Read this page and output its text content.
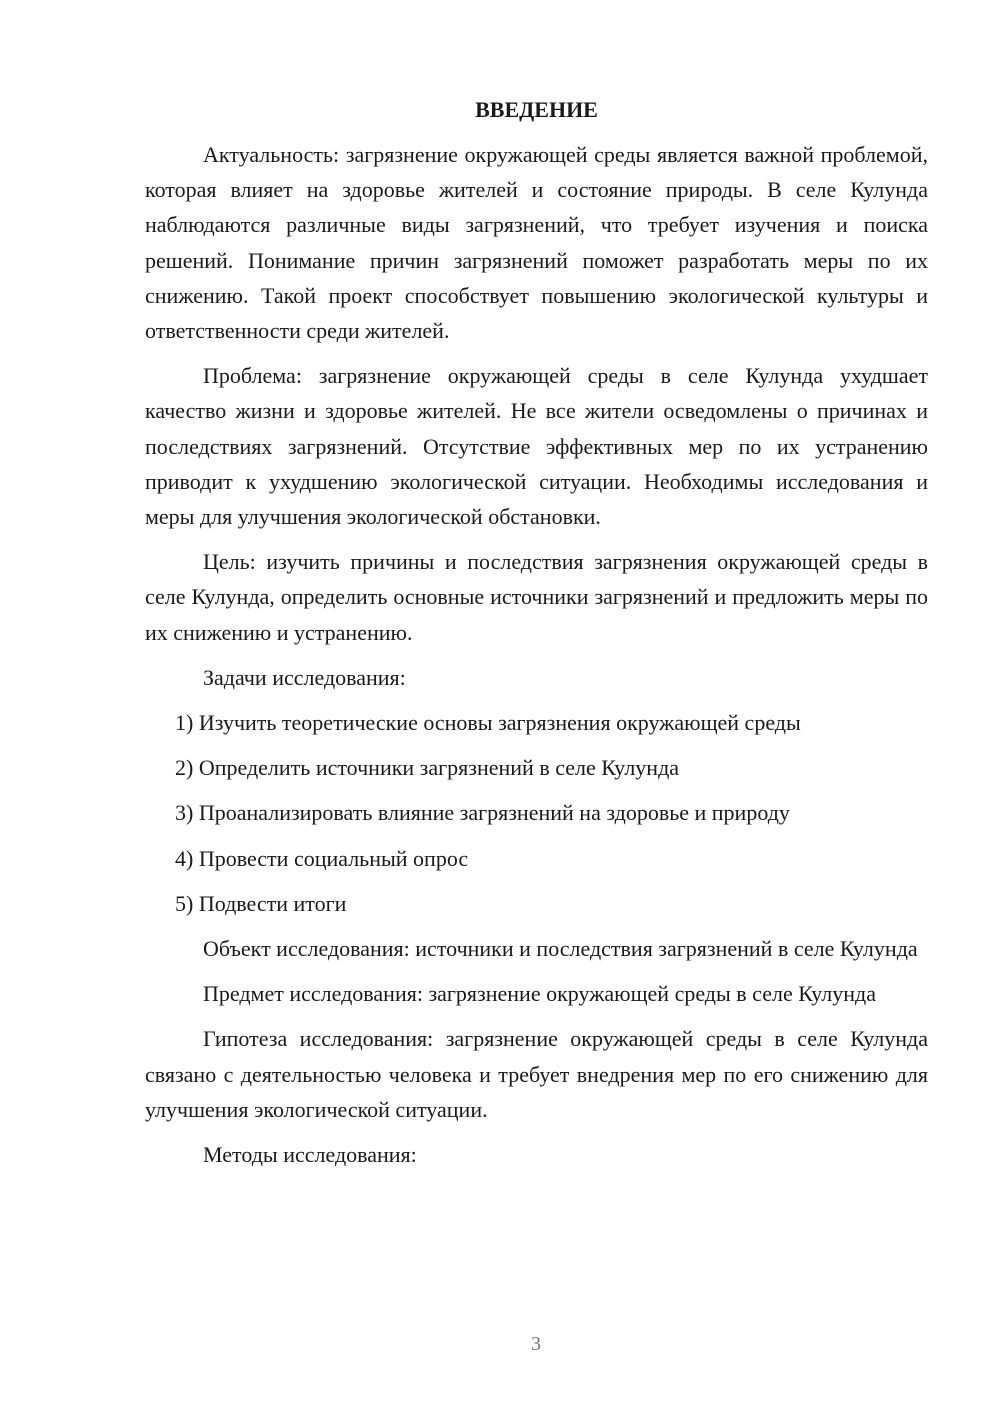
ВВЕДЕНИЕ

Актуальность: загрязнение окружающей среды является важной проблемой, которая влияет на здоровье жителей и состояние природы. В селе Кулунда наблюдаются различные виды загрязнений, что требует изучения и поиска решений. Понимание причин загрязнений поможет разработать меры по их снижению. Такой проект способствует повышению экологической культуры и ответственности среди жителей.

Проблема: загрязнение окружающей среды в селе Кулунда ухудшает качество жизни и здоровье жителей. Не все жители осведомлены о причинах и последствиях загрязнений. Отсутствие эффективных мер по их устранению приводит к ухудшению экологической ситуации. Необходимы исследования и меры для улучшения экологической обстановки.

Цель: изучить причины и последствия загрязнения окружающей среды в селе Кулунда, определить основные источники загрязнений и предложить меры по их снижению и устранению.

Задачи исследования:

1) Изучить теоретические основы загрязнения окружающей среды
2) Определить источники загрязнений в селе Кулунда
3) Проанализировать влияние загрязнений на здоровье и природу
4) Провести социальный опрос
5) Подвести итоги

Объект исследования: источники и последствия загрязнений в селе Кулунда

Предмет исследования: загрязнение окружающей среды в селе Кулунда

Гипотеза исследования: загрязнение окружающей среды в селе Кулунда связано с деятельностью человека и требует внедрения мер по его снижению для улучшения экологической ситуации.

Методы исследования:

3
